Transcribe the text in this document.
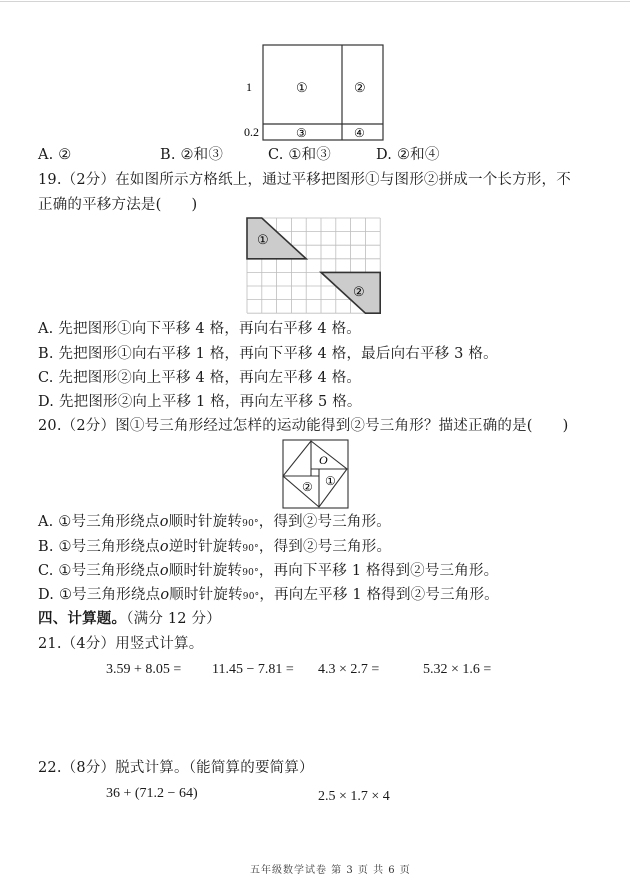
1
0.2
①	②
③	④
A. ②	B. ②和③	C. ①和③	D. ②和④
19.（2分）在如图所示方格纸上，通过平移把图形①与图形②拼成一个长方形，不
正确的平移方法是( )
①
②
A. 先把图形①向下平移 4 格，再向右平移 4 格。
B. 先把图形①向右平移 1 格，再向下平移 4 格，最后向右平移 3 格。
C. 先把图形②向上平移 4 格，再向左平移 4 格。
D. 先把图形②向上平移 1 格，再向左平移 5 格。
20.（2分）图①号三角形经过怎样的运动能得到②号三角形？描述正确的是( )
O
①
②
A. ①号三角形绕点o顺时针旋转90°，得到②号三角形。
B. ①号三角形绕点o逆时针旋转90°，得到②号三角形。
C. ①号三角形绕点o顺时针旋转90°，再向下平移 1 格得到②号三角形。
D. ①号三角形绕点o顺时针旋转90°，再向左平移 1 格得到②号三角形。
四、计算题。（满分 12 分）
21.（4分）用竖式计算。
3.59 + 8.05 = 11.45 − 7.81 = 4.3 × 2.7 =	5.32 × 1.6 =
22.（8分）脱式计算。（能简算的要简算）
36 + (71.2 − 64)	2.5 × 1.7 × 4
五年级数学试卷 第 3 页 共 6 页
